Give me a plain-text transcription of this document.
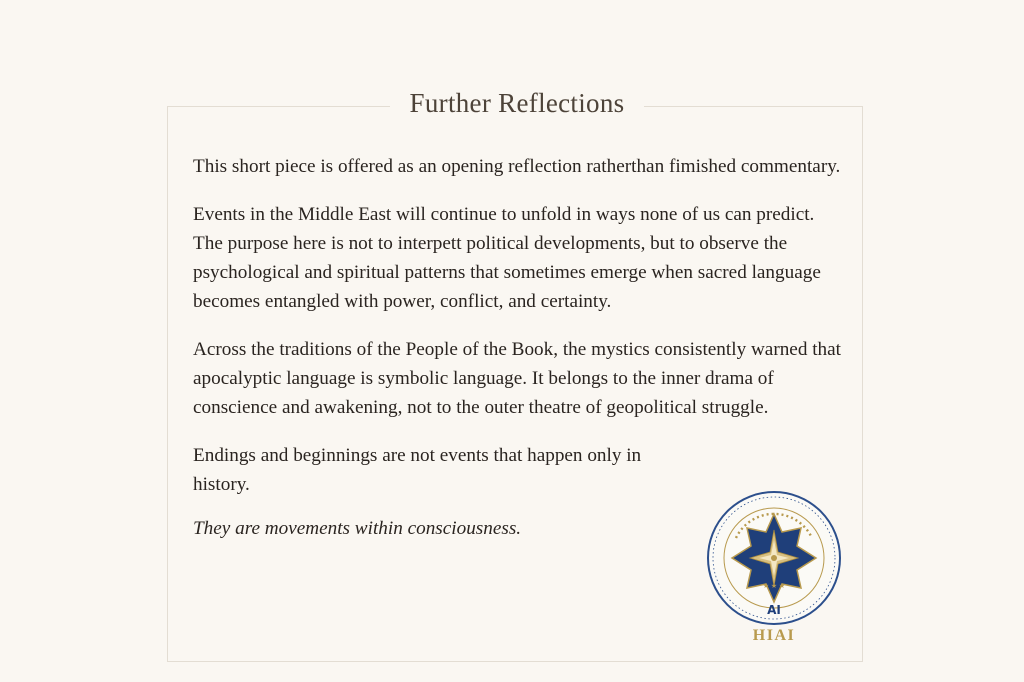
Further Reflections

This short piece is offered as an opening reflection ratherthan fimished commentary.

Events in the Middle East will continue to unfold in ways none of us can predict. The purpose here is not to interpett political developments, but to observe the psychological and spiritual patterns that sometimes emerge when sacred language becomes entangled with power, conflict, and certainty.

Across the traditions of the People of the Book, the mystics consistently warned that apocalyptic language is symbolic language. It belongs to the inner drama of conscience and awakening, not to the outer theatre of geopolitical struggle.

Endings and beginnings are not events that happen only in history.

They are movements within consciousness.

★ ★ ★
AI
HIAI
